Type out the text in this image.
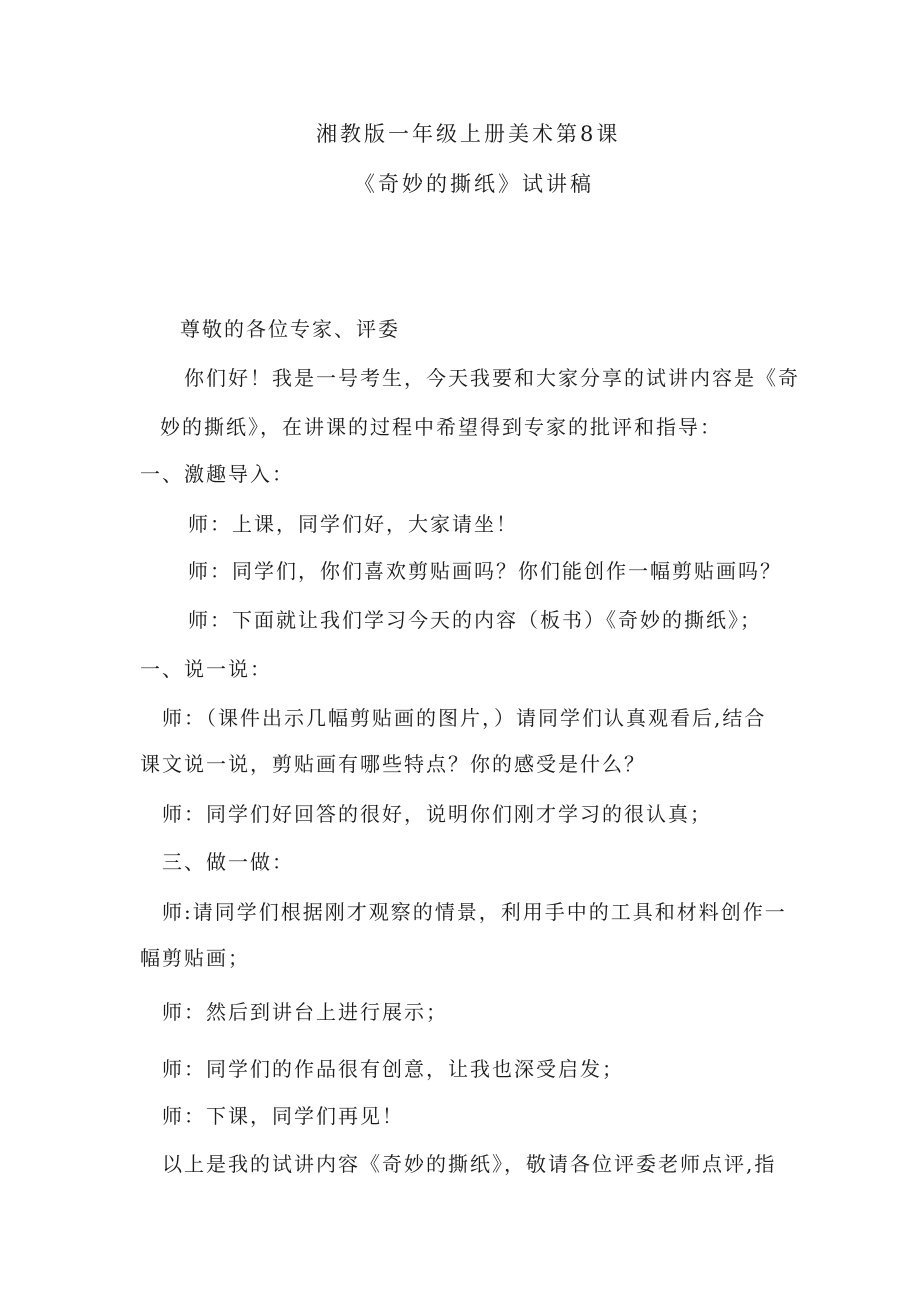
湘教版一年级上册美术第8课
《奇妙的撕纸》试讲稿
尊敬的各位专家、评委
你们好！我是一号考生，今天我要和大家分享的试讲内容是《奇
妙的撕纸》，在讲课的过程中希望得到专家的批评和指导：
一、激趣导入：
师：上课，同学们好，大家请坐！
师：同学们，你们喜欢剪贴画吗？你们能创作一幅剪贴画吗？
师：下面就让我们学习今天的内容（板书）《奇妙的撕纸》；
一、说一说：
师：（课件出示几幅剪贴画的图片，）请同学们认真观看后,结合
课文说一说，剪贴画有哪些特点？你的感受是什么？
师：同学们好回答的很好，说明你们刚才学习的很认真；
三、做一做：
师:请同学们根据刚才观察的情景，利用手中的工具和材料创作一
幅剪贴画；
师：然后到讲台上进行展示；
师：同学们的作品很有创意，让我也深受启发；
师：下课，同学们再见！
以上是我的试讲内容《奇妙的撕纸》，敬请各位评委老师点评,指
